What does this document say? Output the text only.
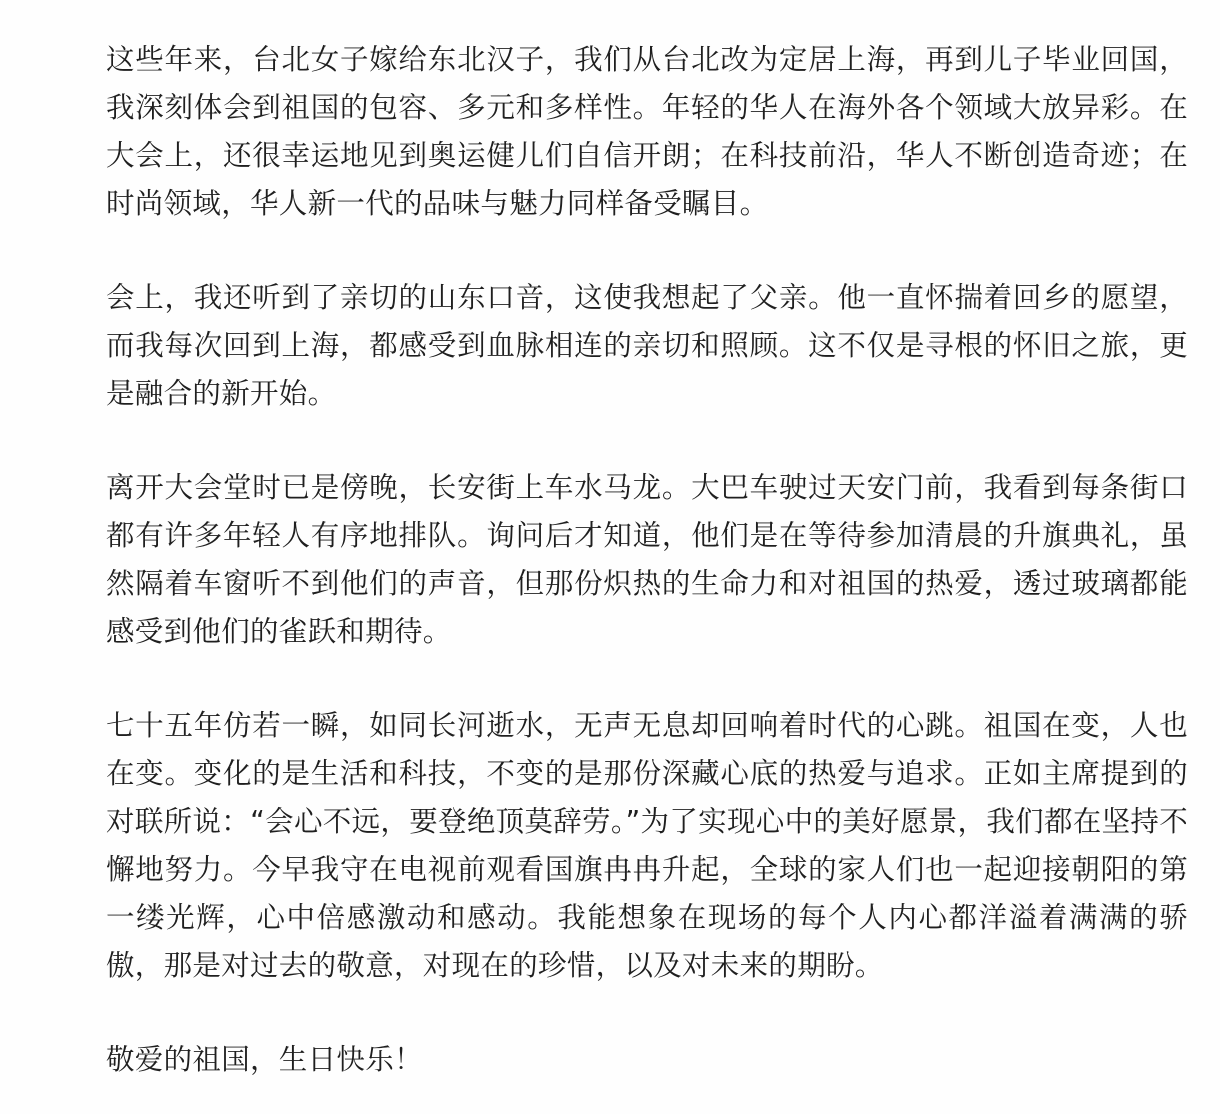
这些年来，台北女子嫁给东北汉子，我们从台北改为定居上海，再到儿子毕业回国，我深刻体会到祖国的包容、多元和多样性。年轻的华人在海外各个领域大放异彩。在大会上，还很幸运地见到奥运健儿们自信开朗；在科技前沿，华人不断创造奇迹；在时尚领域，华人新一代的品味与魅力同样备受瞩目。

会上，我还听到了亲切的山东口音，这使我想起了父亲。他一直怀揣着回乡的愿望，而我每次回到上海，都感受到血脉相连的亲切和照顾。这不仅是寻根的怀旧之旅，更是融合的新开始。

离开大会堂时已是傍晚，长安街上车水马龙。大巴车驶过天安门前，我看到每条街口都有许多年轻人有序地排队。询问后才知道，他们是在等待参加清晨的升旗典礼，虽然隔着车窗听不到他们的声音，但那份炽热的生命力和对祖国的热爱，透过玻璃都能感受到他们的雀跃和期待。

七十五年仿若一瞬，如同长河逝水，无声无息却回响着时代的心跳。祖国在变，人也在变。变化的是生活和科技，不变的是那份深藏心底的热爱与追求。正如主席提到的对联所说：“会心不远，要登绝顶莫辞劳。”为了实现心中的美好愿景，我们都在坚持不懈地努力。今早我守在电视前观看国旗冉冉升起，全球的家人们也一起迎接朝阳的第一缕光辉，心中倍感激动和感动。我能想象在现场的每个人内心都洋溢着满满的骄傲，那是对过去的敬意，对现在的珍惜，以及对未来的期盼。

敬爱的祖国，生日快乐！
